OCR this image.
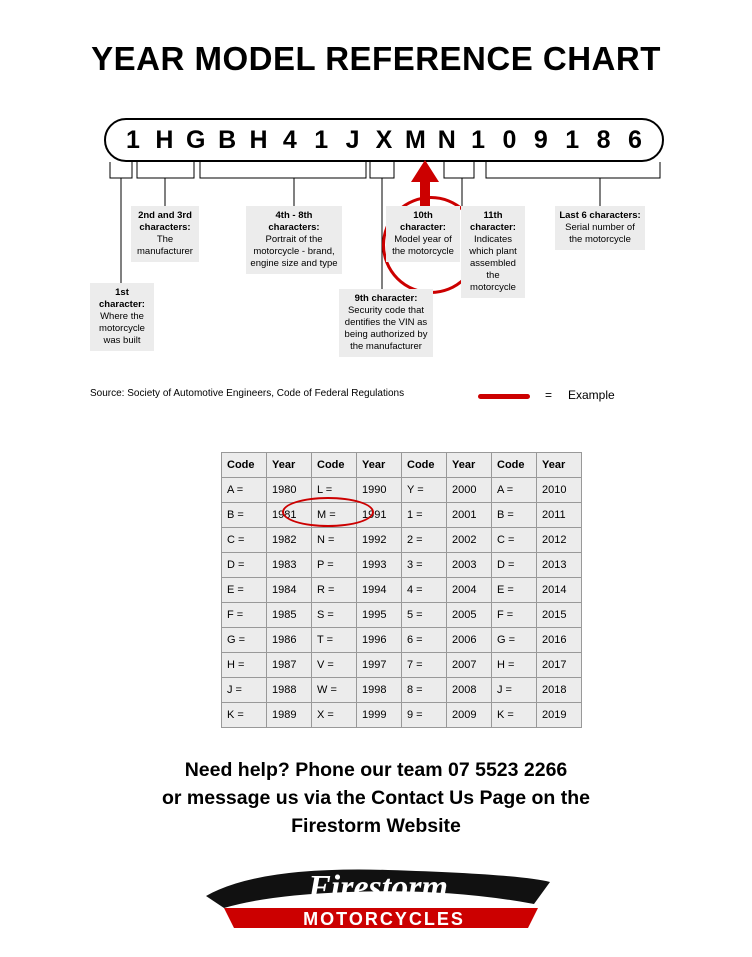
YEAR MODEL REFERENCE CHART
1 H G B H 4 1 J X M N 1 0 9 1 8 6
1st character:
Where the motorcycle was built
2nd and 3rd characters:
The manufacturer
4th - 8th characters:
Portrait of the motorcycle - brand, engine size and type
9th character:
Security code that dentifies the VIN as being authorized by the manufacturer
10th character:
Model year of the motorcycle
11th character:
Indicates which plant assembled the motorcycle
Last 6 characters:
Serial number of the motorcycle
Source: Society of Automotive Engineers, Code of Federal Regulations	= Example
Code	Year	Code	Year	Code	Year	Code	Year
A =	1980	L =	1990	Y =	2000	A =	2010
B =	1981	M =	1991	1 =	2001	B =	2011
C =	1982	N =	1992	2 =	2002	C =	2012
D =	1983	P =	1993	3 =	2003	D =	2013
E =	1984	R =	1994	4 =	2004	E =	2014
F =	1985	S =	1995	5 =	2005	F =	2015
G =	1986	T =	1996	6 =	2006	G =	2016
H =	1987	V =	1997	7 =	2007	H =	2017
J =	1988	W =	1998	8 =	2008	J =	2018
K =	1989	X =	1999	9 =	2009	K =	2019
Need help? Phone our team 07 5523 2266
or message us via the Contact Us Page on the
Firestorm Website
Firestorm
MOTORCYCLES
